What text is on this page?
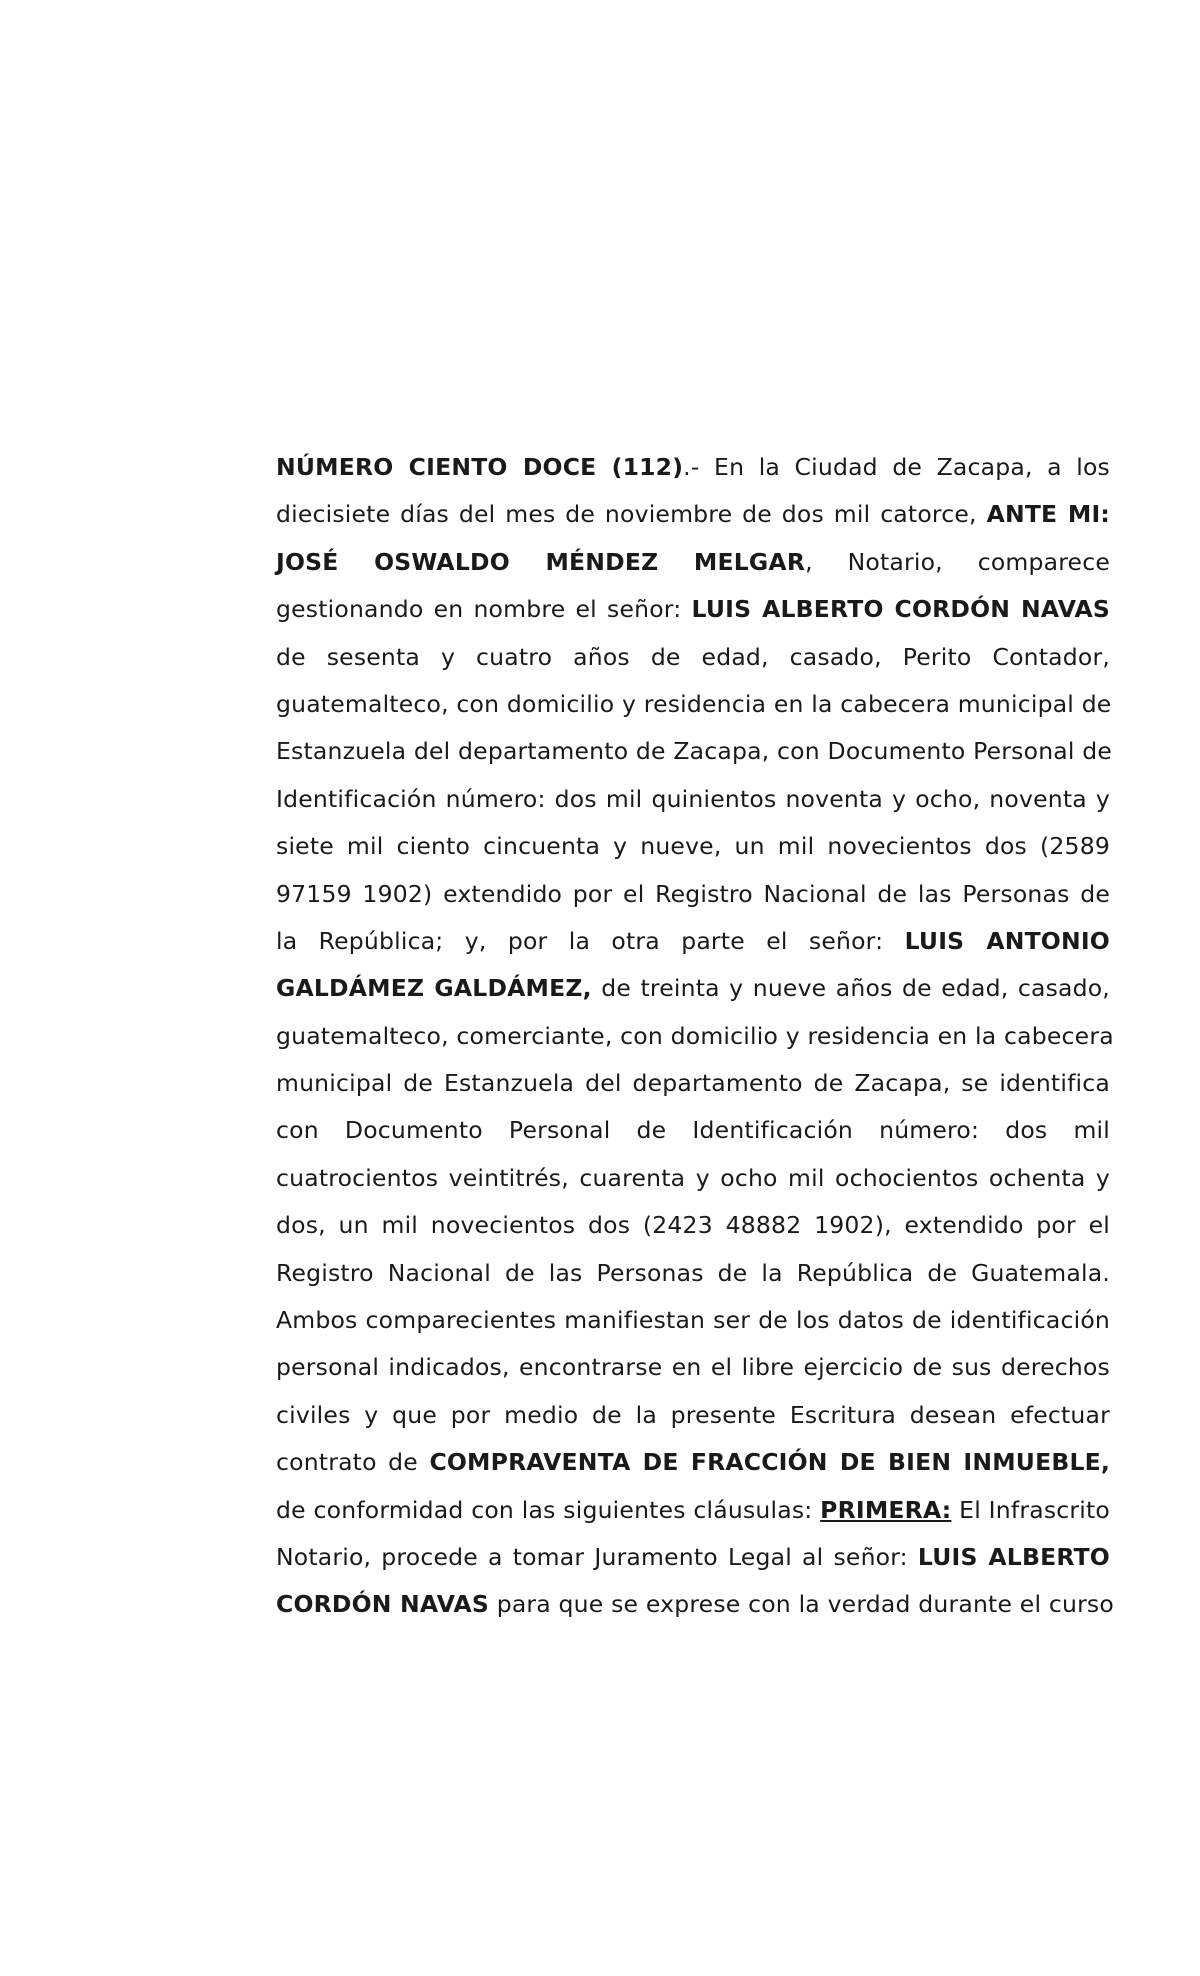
NÚMERO CIENTO DOCE (112).- En la Ciudad de Zacapa, a los
diecisiete días del mes de noviembre de dos mil catorce, ANTE MI:
JOSÉ OSWALDO MÉNDEZ MELGAR, Notario, comparece
gestionando en nombre el señor: LUIS ALBERTO CORDÓN NAVAS
de sesenta y cuatro años de edad, casado, Perito Contador,
guatemalteco, con domicilio y residencia en la cabecera municipal de
Estanzuela del departamento de Zacapa, con Documento Personal de
Identificación número: dos mil quinientos noventa y ocho, noventa y
siete mil ciento cincuenta y nueve, un mil novecientos dos (2589
97159 1902) extendido por el Registro Nacional de las Personas de
la República; y, por la otra parte el señor: LUIS ANTONIO
GALDÁMEZ GALDÁMEZ, de treinta y nueve años de edad, casado,
guatemalteco, comerciante, con domicilio y residencia en la cabecera
municipal de Estanzuela del departamento de Zacapa, se identifica
con Documento Personal de Identificación número: dos mil
cuatrocientos veintitrés, cuarenta y ocho mil ochocientos ochenta y
dos, un mil novecientos dos (2423 48882 1902), extendido por el
Registro Nacional de las Personas de la República de Guatemala.
Ambos comparecientes manifiestan ser de los datos de identificación
personal indicados, encontrarse en el libre ejercicio de sus derechos
civiles y que por medio de la presente Escritura desean efectuar
contrato de COMPRAVENTA DE FRACCIÓN DE BIEN INMUEBLE,
de conformidad con las siguientes cláusulas: PRIMERA: El Infrascrito
Notario, procede a tomar Juramento Legal al señor: LUIS ALBERTO
CORDÓN NAVAS para que se exprese con la verdad durante el curso
